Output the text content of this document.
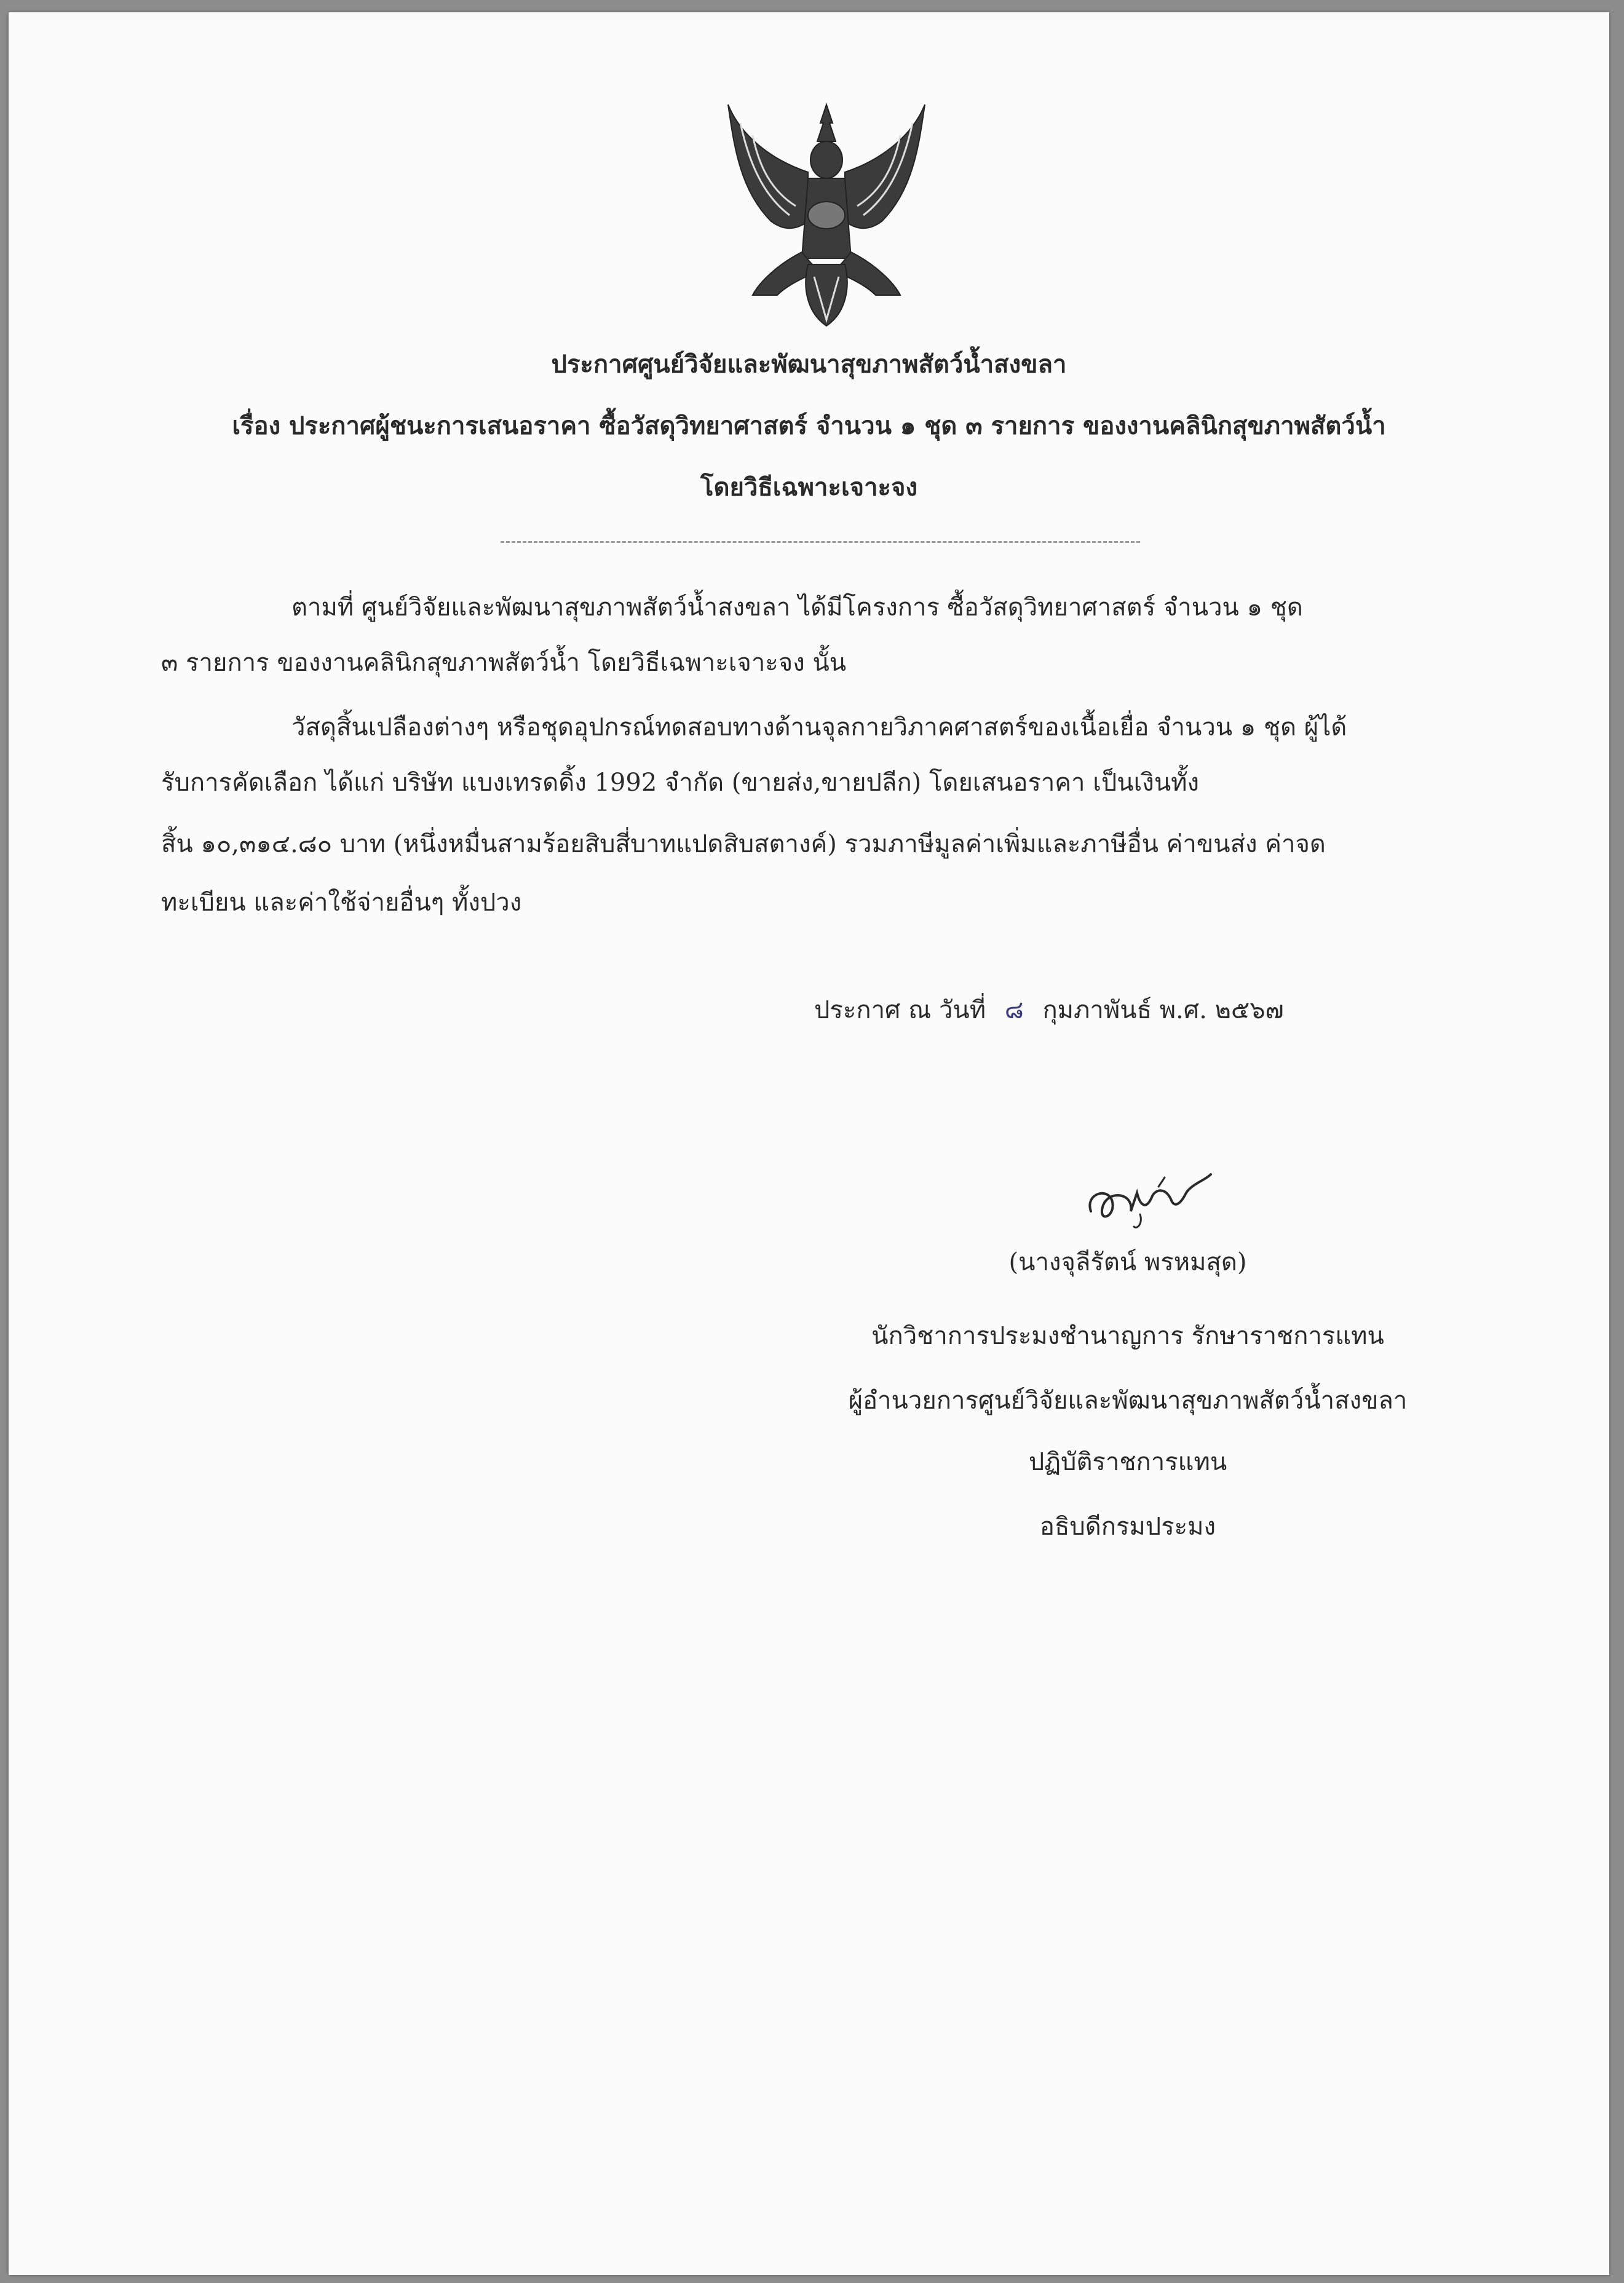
ประกาศศูนย์วิจัยและพัฒนาสุขภาพสัตว์น้ำสงขลา
เรื่อง ประกาศผู้ชนะการเสนอราคา ซื้อวัสดุวิทยาศาสตร์ จำนวน ๑ ชุด ๓ รายการ ของงานคลินิกสุขภาพสัตว์น้ำ
โดยวิธีเฉพาะเจาะจง
ตามที่ ศูนย์วิจัยและพัฒนาสุขภาพสัตว์น้ำสงขลา ได้มีโครงการ ซื้อวัสดุวิทยาศาสตร์ จำนวน ๑ ชุด
๓ รายการ ของงานคลินิกสุขภาพสัตว์น้ำ โดยวิธีเฉพาะเจาะจง นั้น
วัสดุสิ้นเปลืองต่างๆ หรือชุดอุปกรณ์ทดสอบทางด้านจุลกายวิภาคศาสตร์ของเนื้อเยื่อ จำนวน ๑ ชุด ผู้ได้
รับการคัดเลือก ได้แก่ บริษัท แบงเทรดดิ้ง 1992 จำกัด (ขายส่ง,ขายปลีก) โดยเสนอราคา เป็นเงินทั้ง
สิ้น ๑๐,๓๑๔.๘๐ บาท (หนึ่งหมื่นสามร้อยสิบสี่บาทแปดสิบสตางค์) รวมภาษีมูลค่าเพิ่มและภาษีอื่น ค่าขนส่ง ค่าจด
ทะเบียน และค่าใช้จ่ายอื่นๆ ทั้งปวง
ประกาศ ณ วันที่ ๘ กุมภาพันธ์ พ.ศ. ๒๕๖๗
(นางจุลีรัตน์ พรหมสุด)
นักวิชาการประมงชำนาญการ รักษาราชการแทน
ผู้อำนวยการศูนย์วิจัยและพัฒนาสุขภาพสัตว์น้ำสงขลา
ปฏิบัติราชการแทน
อธิบดีกรมประมง
